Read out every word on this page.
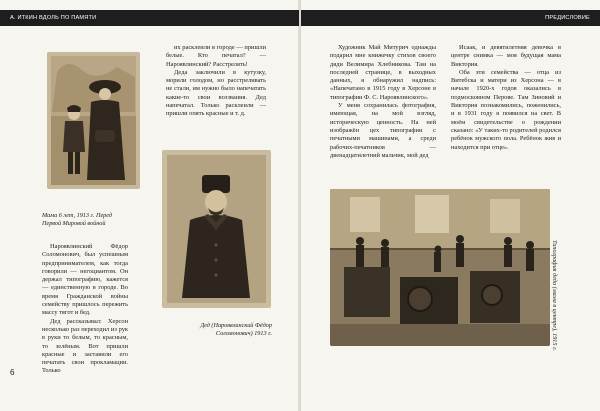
А. ИТКИН ВДОЛЬ ПО ПАМЯТИ	ПРЕДИСЛОВИЕ
Мама 6 лет, 1913 г. Перед Первой Мировой войной

Нароявлинский Фёдор Соломонович, был успешным предпринимателем, как тогда говорили — негоциантом. Он держал типографию, кажется — единственную в городе. Во время Гражданской войны семейству пришлось пережить массу тягот и бед.

Дед рассказывал: Херсон несколько раз переходил из рук в руки то белым, то красным, то зелёным. Вот пришли красные и заставили его печатать свои прокламации. Только

их расклеили в городе — пришли белые. Кто печатал? — Нароявлинский? Расстрелять!

Деда заключили в кутузку, морили голодом, но расстреливать не стали, им нужно было напечатать какие-то свои воззвания. Дед напечатал. Только расклеили — пришли опять красные и т. д.

Дед (Нароявлинский Фёдор Соломонович) 1913 г.
6

Художник Май Митурич однажды подарил мне книжечку стихов своего дяди Велимира Хлебникова. Там на последней странице, в выходных данных, я обнаружил надпись: «Напечатано в 1915 году в Херсоне в типографии Ф. С. Нароявлинского».

У меня сохранилась фотография, имеющая, на мой взгляд, историческую ценность. На ней изображён цех типографии с печатными машинами, а среди рабочих-печатников — двенадцатилетний мальчик, мой дед

Исаак, и девятилетняя девочка в центре снимка — моя будущая мама Виктория.

Оба эти семейства — отца из Витебска и матери из Херсона — в начале 1920-х годов оказались в подмосковном Перове. Там Зиновий и Виктория познакомились, поженились, и в 1931 году я появился на свет. В моём свидетельстве о рождении сказано: «У таких-то родителей родился ребёнок мужского пола. Ребёнок жив и находится при отце».

Типография деда (мама в центре), 1915 г.
